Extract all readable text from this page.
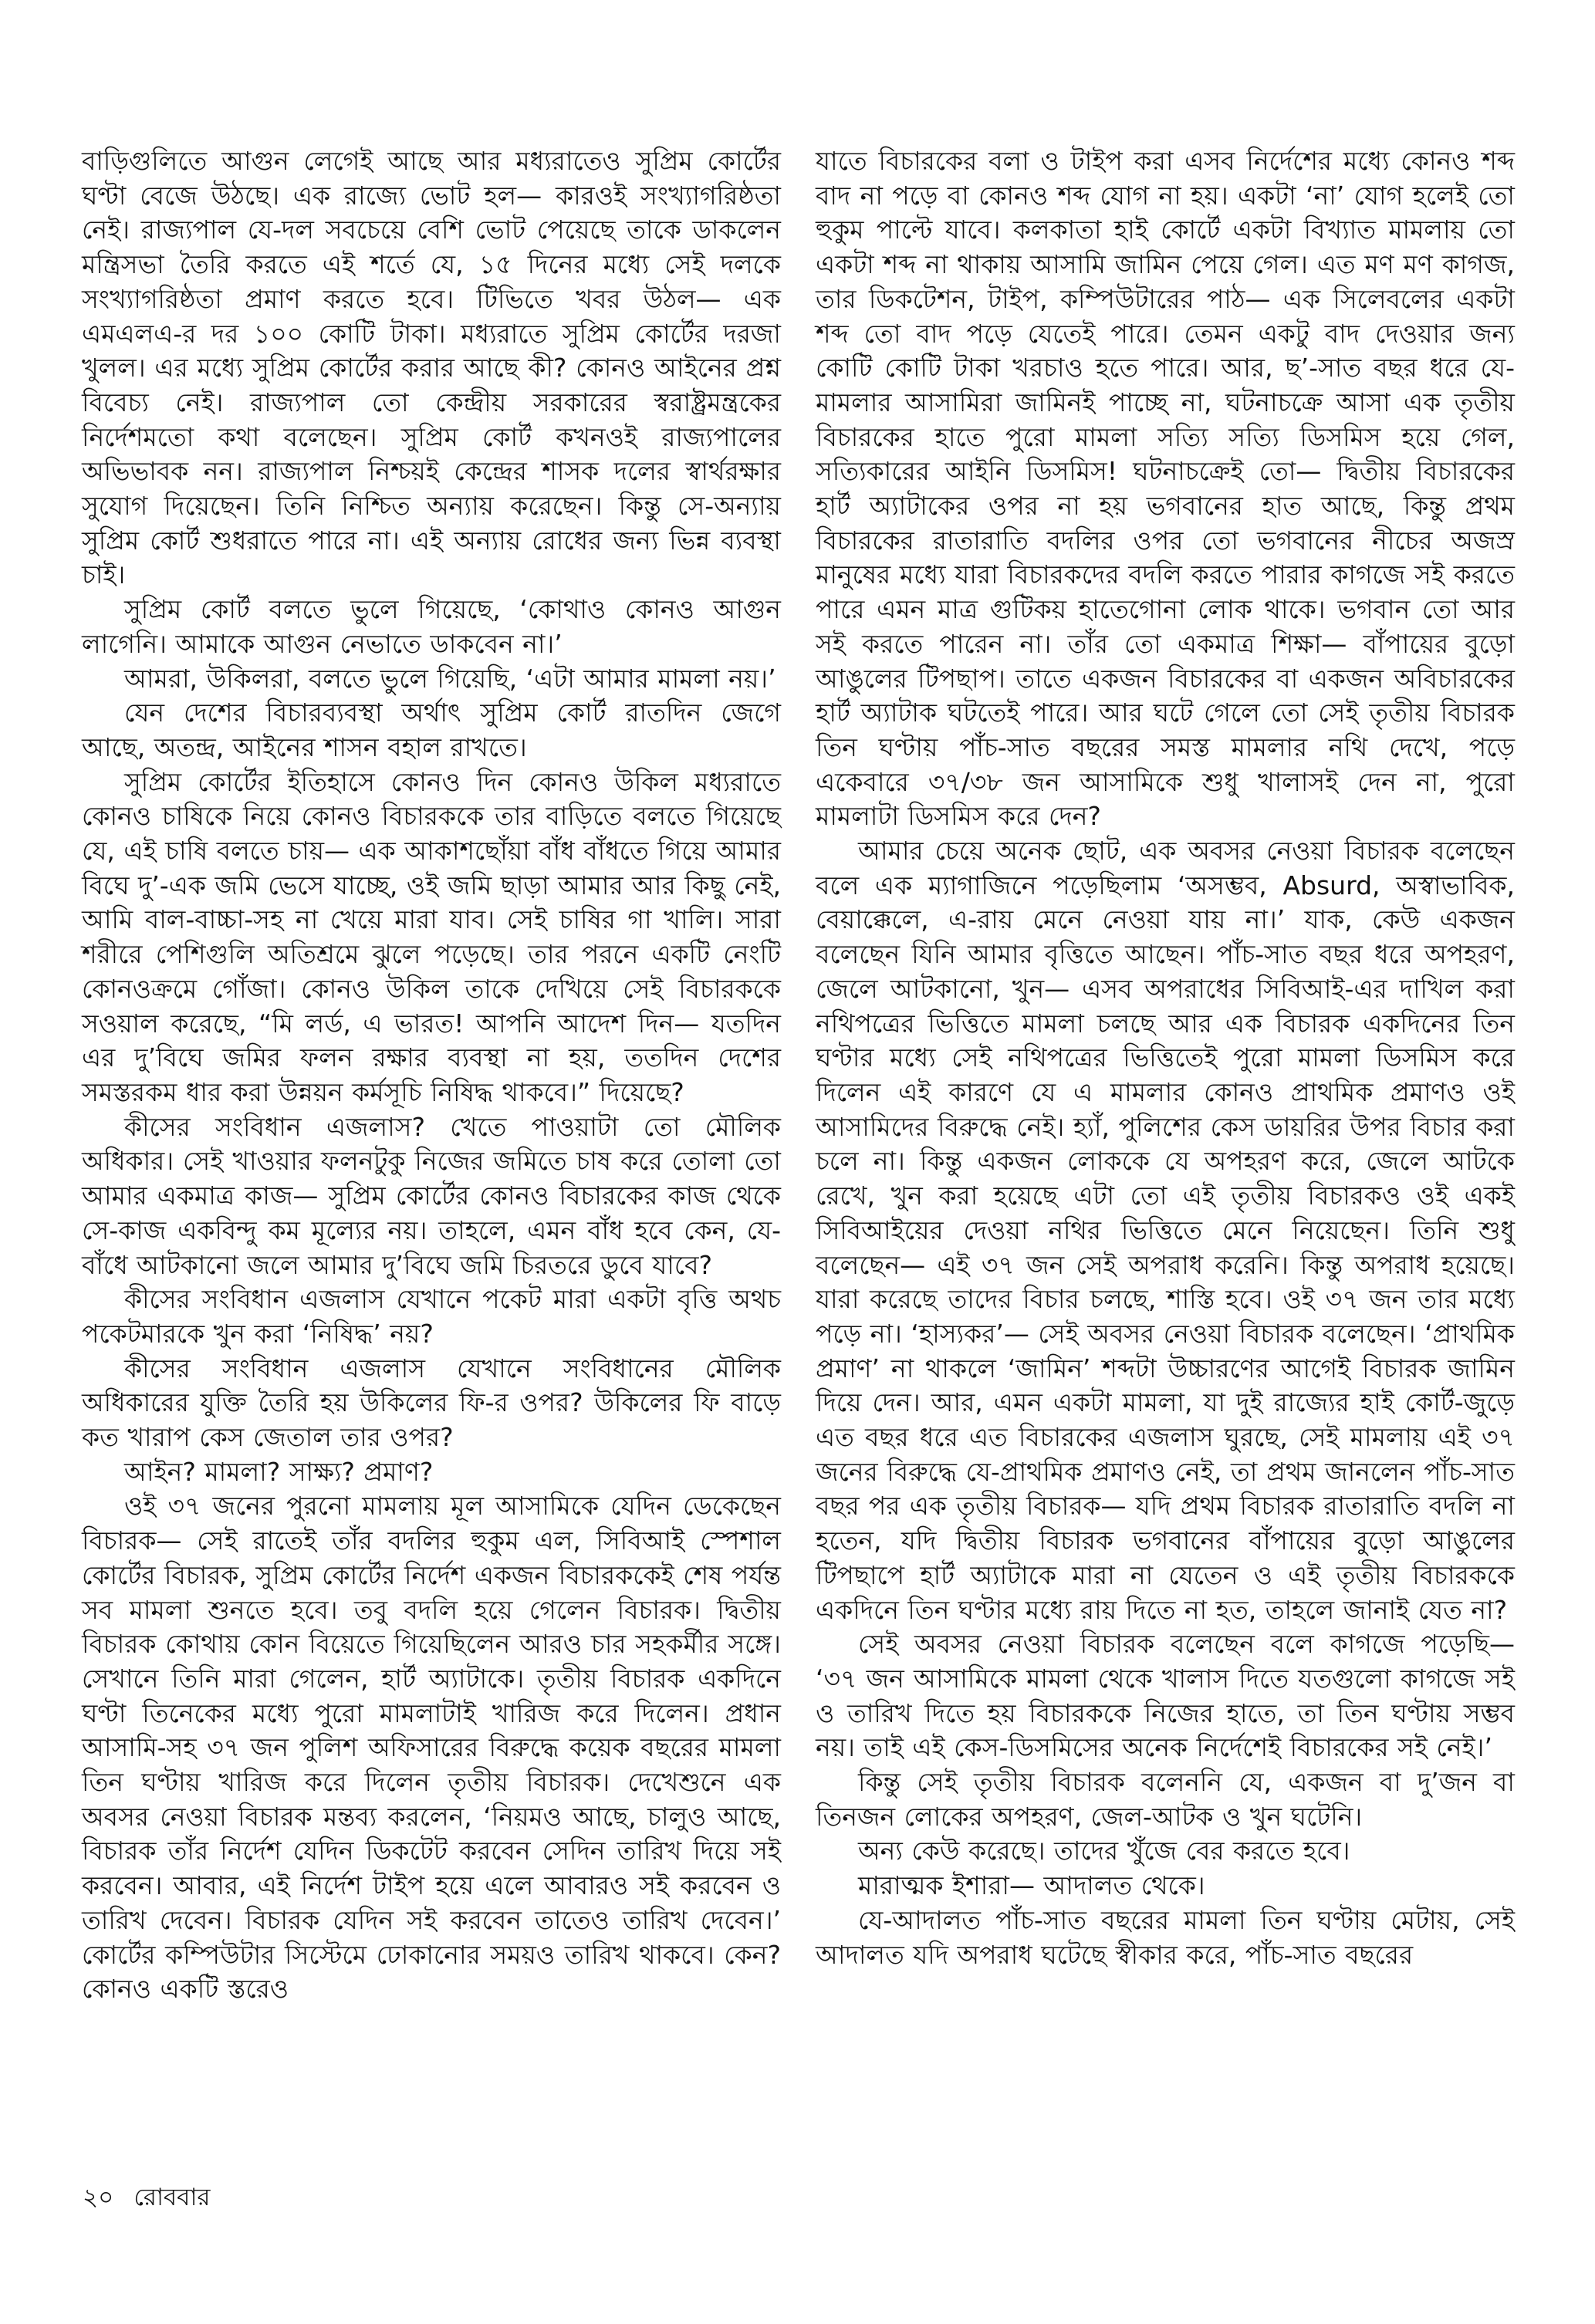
বাড়িগুলিতে আগুন লেগেই আছে আর মধ্যরাতেও সুপ্রিম কোর্টের ঘণ্টা বেজে উঠছে। এক রাজ্যে ভোট হল— কারওই সংখ্যাগরিষ্ঠতা নেই। রাজ্যপাল যে-দল সবচেয়ে বেশি ভোট পেয়েছে তাকে ডাকলেন মন্ত্রিসভা তৈরি করতে এই শর্তে যে, ১৫ দিনের মধ্যে সেই দলকে সংখ্যাগরিষ্ঠতা প্রমাণ করতে হবে। টিভিতে খবর উঠল— এক এমএলএ-র দর ১০০ কোটি টাকা। মধ্যরাতে সুপ্রিম কোর্টের দরজা খুলল। এর মধ্যে সুপ্রিম কোর্টের করার আছে কী? কোনও আইনের প্রশ্ন বিবেচ্য নেই। রাজ্যপাল তো কেন্দ্রীয় সরকারের স্বরাষ্ট্রমন্ত্রকের নির্দেশমতো কথা বলেছেন। সুপ্রিম কোর্ট কখনওই রাজ্যপালের অভিভাবক নন। রাজ্যপাল নিশ্চয়ই কেন্দ্রের শাসক দলের স্বার্থরক্ষার সুযোগ দিয়েছেন। তিনি নিশ্চিত অন্যায় করেছেন। কিন্তু সে-অন্যায় সুপ্রিম কোর্ট শুধরাতে পারে না। এই অন্যায় রোধের জন্য ভিন্ন ব্যবস্থা চাই।

সুপ্রিম কোর্ট বলতে ভুলে গিয়েছে, ‘কোথাও কোনও আগুন লাগেনি। আমাকে আগুন নেভাতে ডাকবেন না।’

আমরা, উকিলরা, বলতে ভুলে গিয়েছি, ‘এটা আমার মামলা নয়।’

যেন দেশের বিচারব্যবস্থা অর্থাৎ সুপ্রিম কোর্ট রাতদিন জেগে আছে, অতন্দ্র, আইনের শাসন বহাল রাখতে।

সুপ্রিম কোর্টের ইতিহাসে কোনও দিন কোনও উকিল মধ্যরাতে কোনও চাষিকে নিয়ে কোনও বিচারককে তার বাড়িতে বলতে গিয়েছে যে, এই চাষি বলতে চায়— এক আকাশছোঁয়া বাঁধ বাঁধতে গিয়ে আমার বিঘে দু’-এক জমি ভেসে যাচ্ছে, ওই জমি ছাড়া আমার আর কিছু নেই, আমি বাল-বাচ্চা-সহ না খেয়ে মারা যাব। সেই চাষির গা খালি। সারা শরীরে পেশিগুলি অতিশ্রমে ঝুলে পড়েছে। তার পরনে একটি নেংটি কোনওক্রমে গোঁজা। কোনও উকিল তাকে দেখিয়ে সেই বিচারককে সওয়াল করেছে, “মি লর্ড, এ ভারত! আপনি আদেশ দিন— যতদিন এর দু’বিঘে জমির ফলন রক্ষার ব্যবস্থা না হয়, ততদিন দেশের সমস্তরকম ধার করা উন্নয়ন কর্মসূচি নিষিদ্ধ থাকবে।” দিয়েছে?

কীসের সংবিধান এজলাস? খেতে পাওয়াটা তো মৌলিক অধিকার। সেই খাওয়ার ফলনটুকু নিজের জমিতে চাষ করে তোলা তো আমার একমাত্র কাজ— সুপ্রিম কোর্টের কোনও বিচারকের কাজ থেকে সে-কাজ একবিন্দু কম মূল্যের নয়। তাহলে, এমন বাঁধ হবে কেন, যে-বাঁধে আটকানো জলে আমার দু’বিঘে জমি চিরতরে ডুবে যাবে?

কীসের সংবিধান এজলাস যেখানে পকেট মারা একটা বৃত্তি অথচ পকেটমারকে খুন করা ‘নিষিদ্ধ’ নয়?

কীসের সংবিধান এজলাস যেখানে সংবিধানের মৌলিক অধিকারের যুক্তি তৈরি হয় উকিলের ফি-র ওপর? উকিলের ফি বাড়ে কত খারাপ কেস জেতাল তার ওপর?

আইন? মামলা? সাক্ষ্য? প্রমাণ?

ওই ৩৭ জনের পুরনো মামলায় মূল আসামিকে যেদিন ডেকেছেন বিচারক— সেই রাতেই তাঁর বদলির হুকুম এল, সিবিআই স্পেশাল কোর্টের বিচারক, সুপ্রিম কোর্টের নির্দেশ একজন বিচারককেই শেষ পর্যন্ত সব মামলা শুনতে হবে। তবু বদলি হয়ে গেলেন বিচারক। দ্বিতীয় বিচারক কোথায় কোন বিয়েতে গিয়েছিলেন আরও চার সহকর্মীর সঙ্গে। সেখানে তিনি মারা গেলেন, হার্ট অ্যাটাকে। তৃতীয় বিচারক একদিনে ঘণ্টা তিনেকের মধ্যে পুরো মামলাটাই খারিজ করে দিলেন। প্রধান আসামি-সহ ৩৭ জন পুলিশ অফিসারের বিরুদ্ধে কয়েক বছরের মামলা তিন ঘণ্টায় খারিজ করে দিলেন তৃতীয় বিচারক। দেখেশুনে এক অবসর নেওয়া বিচারক মন্তব্য করলেন, ‘নিয়মও আছে, চালুও আছে, বিচারক তাঁর নির্দেশ যেদিন ডিকটেট করবেন সেদিন তারিখ দিয়ে সই করবেন। আবার, এই নির্দেশ টাইপ হয়ে এলে আবারও সই করবেন ও তারিখ দেবেন। বিচারক যেদিন সই করবেন তাতেও তারিখ দেবেন।’ কোর্টের কম্পিউটার সিস্টেমে ঢোকানোর সময়ও তারিখ থাকবে। কেন? কোনও একটি স্তরেও

যাতে বিচারকের বলা ও টাইপ করা এসব নির্দেশের মধ্যে কোনও শব্দ বাদ না পড়ে বা কোনও শব্দ যোগ না হয়। একটা ‘না’ যোগ হলেই তো হুকুম পাল্টে যাবে। কলকাতা হাই কোর্টে একটা বিখ্যাত মামলায় তো একটা শব্দ না থাকায় আসামি জামিন পেয়ে গেল। এত মণ মণ কাগজ, তার ডিকটেশন, টাইপ, কম্পিউটারের পাঠ— এক সিলেবলের একটা শব্দ তো বাদ পড়ে যেতেই পারে। তেমন একটু বাদ দেওয়ার জন্য কোটি কোটি টাকা খরচাও হতে পারে। আর, ছ’-সাত বছর ধরে যে-মামলার আসামিরা জামিনই পাচ্ছে না, ঘটনাচক্রে আসা এক তৃতীয় বিচারকের হাতে পুরো মামলা সত্যি সত্যি ডিসমিস হয়ে গেল, সত্যিকারের আইনি ডিসমিস! ঘটনাচক্রেই তো— দ্বিতীয় বিচারকের হার্ট অ্যাটাকের ওপর না হয় ভগবানের হাত আছে, কিন্তু প্রথম বিচারকের রাতারাতি বদলির ওপর তো ভগবানের নীচের অজস্র মানুষের মধ্যে যারা বিচারকদের বদলি করতে পারার কাগজে সই করতে পারে এমন মাত্র গুটিকয় হাতেগোনা লোক থাকে। ভগবান তো আর সই করতে পারেন না। তাঁর তো একমাত্র শিক্ষা— বাঁপায়ের বুড়ো আঙুলের টিপছাপ। তাতে একজন বিচারকের বা একজন অবিচারকের হার্ট অ্যাটাক ঘটতেই পারে। আর ঘটে গেলে তো সেই তৃতীয় বিচারক তিন ঘণ্টায় পাঁচ-সাত বছরের সমস্ত মামলার নথি দেখে, পড়ে একেবারে ৩৭/৩৮ জন আসামিকে শুধু খালাসই দেন না, পুরো মামলাটা ডিসমিস করে দেন?

আমার চেয়ে অনেক ছোট, এক অবসর নেওয়া বিচারক বলেছেন বলে এক ম্যাগাজিনে পড়েছিলাম ‘অসম্ভব, Absurd, অস্বাভাবিক, বেয়াক্কেলে, এ-রায় মেনে নেওয়া যায় না।’ যাক, কেউ একজন বলেছেন যিনি আমার বৃত্তিতে আছেন। পাঁচ-সাত বছর ধরে অপহরণ, জেলে আটকানো, খুন— এসব অপরাধের সিবিআই-এর দাখিল করা নথিপত্রের ভিত্তিতে মামলা চলছে আর এক বিচারক একদিনের তিন ঘণ্টার মধ্যে সেই নথিপত্রের ভিত্তিতেই পুরো মামলা ডিসমিস করে দিলেন এই কারণে যে এ মামলার কোনও প্রাথমিক প্রমাণও ওই আসামিদের বিরুদ্ধে নেই। হ্যাঁ, পুলিশের কেস ডায়রির উপর বিচার করা চলে না। কিন্তু একজন লোককে যে অপহরণ করে, জেলে আটকে রেখে, খুন করা হয়েছে এটা তো এই তৃতীয় বিচারকও ওই একই সিবিআইয়ের দেওয়া নথির ভিত্তিতে মেনে নিয়েছেন। তিনি শুধু বলেছেন— এই ৩৭ জন সেই অপরাধ করেনি। কিন্তু অপরাধ হয়েছে। যারা করেছে তাদের বিচার চলছে, শাস্তি হবে। ওই ৩৭ জন তার মধ্যে পড়ে না। ‘হাস্যকর’— সেই অবসর নেওয়া বিচারক বলেছেন। ‘প্রাথমিক প্রমাণ’ না থাকলে ‘জামিন’ শব্দটা উচ্চারণের আগেই বিচারক জামিন দিয়ে দেন। আর, এমন একটা মামলা, যা দুই রাজ্যের হাই কোর্ট-জুড়ে এত বছর ধরে এত বিচারকের এজলাস ঘুরছে, সেই মামলায় এই ৩৭ জনের বিরুদ্ধে যে-প্রাথমিক প্রমাণও নেই, তা প্রথম জানলেন পাঁচ-সাত বছর পর এক তৃতীয় বিচারক— যদি প্রথম বিচারক রাতারাতি বদলি না হতেন, যদি দ্বিতীয় বিচারক ভগবানের বাঁপায়ের বুড়ো আঙুলের টিপছাপে হার্ট অ্যাটাকে মারা না যেতেন ও এই তৃতীয় বিচারককে একদিনে তিন ঘণ্টার মধ্যে রায় দিতে না হত, তাহলে জানাই যেত না?

সেই অবসর নেওয়া বিচারক বলেছেন বলে কাগজে পড়েছি— ‘৩৭ জন আসামিকে মামলা থেকে খালাস দিতে যতগুলো কাগজে সই ও তারিখ দিতে হয় বিচারককে নিজের হাতে, তা তিন ঘণ্টায় সম্ভব নয়। তাই এই কেস-ডিসমিসের অনেক নির্দেশেই বিচারকের সই নেই।’

কিন্তু সেই তৃতীয় বিচারক বলেননি যে, একজন বা দু’জন বা তিনজন লোকের অপহরণ, জেল-আটক ও খুন ঘটেনি।

অন্য কেউ করেছে। তাদের খুঁজে বের করতে হবে।

মারাত্মক ইশারা— আদালত থেকে।

যে-আদালত পাঁচ-সাত বছরের মামলা তিন ঘণ্টায় মেটায়, সেই আদালত যদি অপরাধ ঘটেছে স্বীকার করে, পাঁচ-সাত বছরের

২০ রোববার
